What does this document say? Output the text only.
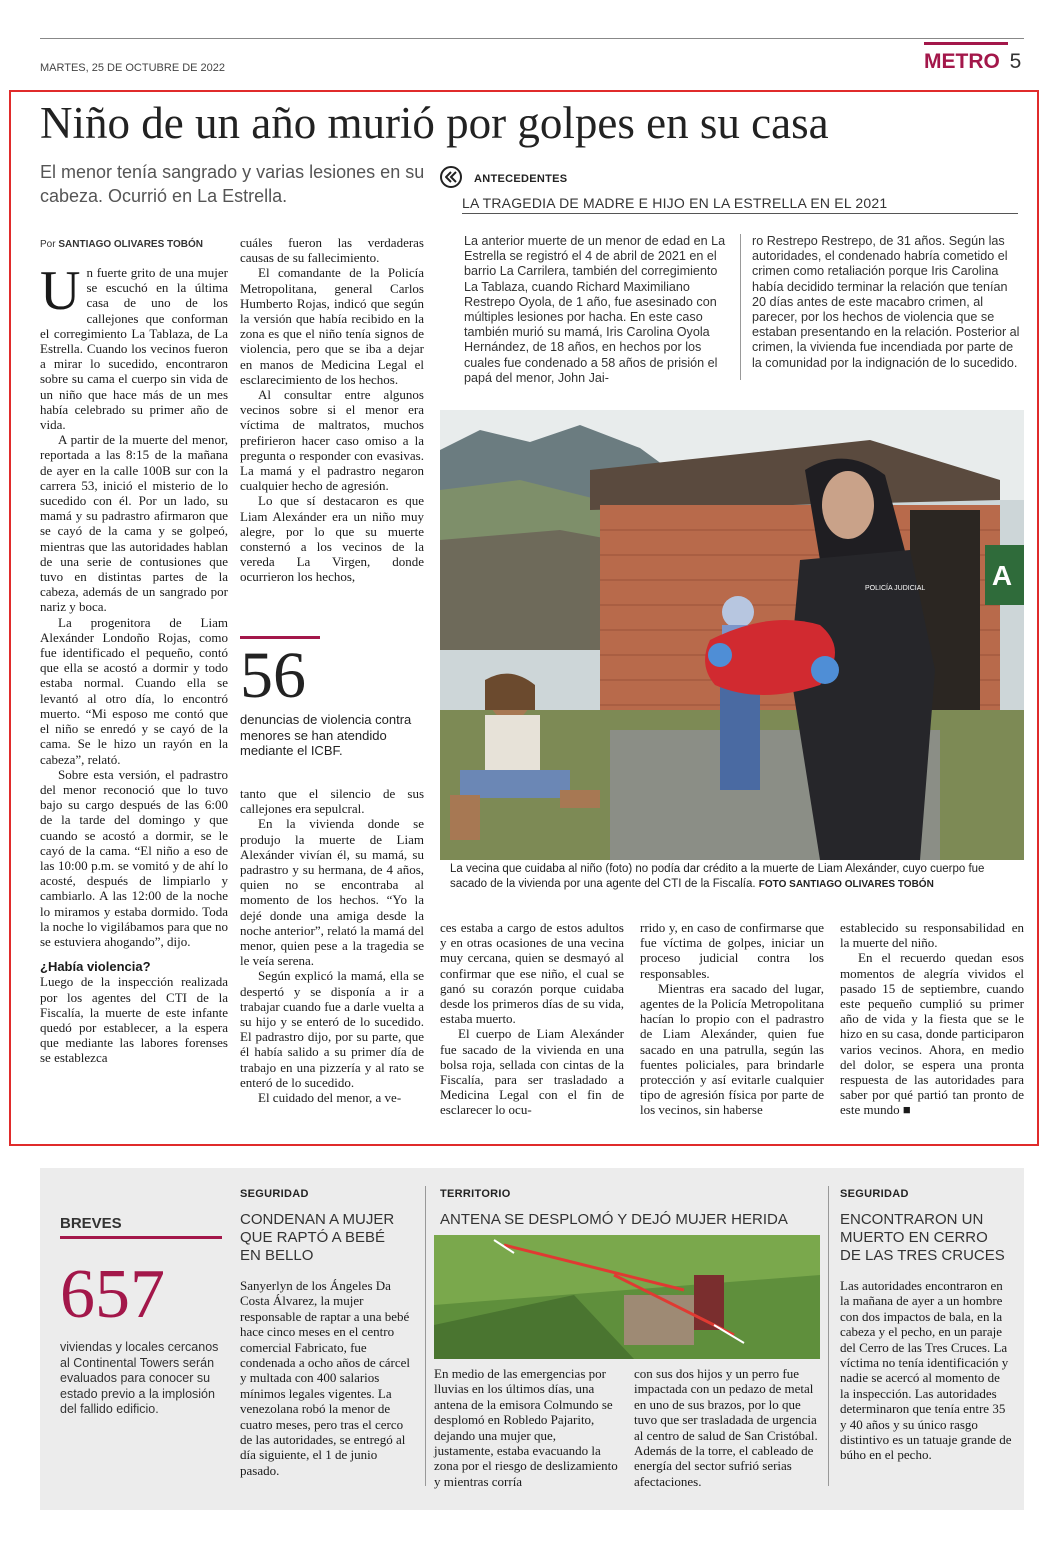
MARTES, 25 DE OCTUBRE DE 2022	METRO 5
Niño de un año murió por golpes en su casa
El menor tenía sangrado y varias lesiones en su cabeza. Ocurrió en La Estrella.
Por SANTIAGO OLIVARES TOBÓN

Un fuerte grito de una mujer se escuchó en la última casa de uno de los callejones que conforman el corregimiento La Tablaza, de La Estrella. Cuando los vecinos fueron a mirar lo sucedido, encontraron sobre su cama el cuerpo sin vida de un niño que hace más de un mes había celebrado su primer año de vida.

A partir de la muerte del menor, reportada a las 8:15 de la mañana de ayer en la calle 100B sur con la carrera 53, inició el misterio de lo sucedido con él. Por un lado, su mamá y su padrastro afirmaron que se cayó de la cama y se golpeó, mientras que las autoridades hablan de una serie de contusiones que tuvo en distintas partes de la cabeza, además de un sangrado por nariz y boca.

La progenitora de Liam Alexánder Londoño Rojas, como fue identificado el pequeño, contó que ella se acostó a dormir y todo estaba normal. Cuando ella se levantó al otro día, lo encontró muerto. “Mi esposo me contó que el niño se enredó y se cayó de la cama. Se le hizo un rayón en la cabeza”, relató.

Sobre esta versión, el padrastro del menor reconoció que lo tuvo bajo su cargo después de las 6:00 de la tarde del domingo y que cuando se acostó a dormir, se le cayó de la cama. “El niño a eso de las 10:00 p.m. se vomitó y de ahí lo acosté, después de limpiarlo y cambiarlo. A las 12:00 de la noche lo miramos y estaba dormido. Toda la noche lo vigilábamos para que no se estuviera ahogando”, dijo.

¿Había violencia?

Luego de la inspección realizada por los agentes del CTI de la Fiscalía, la muerte de este infante quedó por establecer, a la espera que mediante las labores forenses se establezca

cuáles fueron las verdaderas causas de su fallecimiento.

El comandante de la Policía Metropolitana, general Carlos Humberto Rojas, indicó que según la versión que había recibido en la zona es que el niño tenía signos de violencia, pero que se iba a dejar en manos de Medicina Legal el esclarecimiento de los hechos.

Al consultar entre algunos vecinos sobre si el menor era víctima de maltratos, muchos prefirieron hacer caso omiso a la pregunta o responder con evasivas. La mamá y el padrastro negaron cualquier hecho de agresión.

Lo que sí destacaron es que Liam Alexánder era un niño muy alegre, por lo que su muerte consternó a los vecinos de la vereda La Virgen, donde ocurrieron los hechos,

56
denuncias de violencia contra menores se han atendido mediante el ICBF.

tanto que el silencio de sus callejones era sepulcral.

En la vivienda donde se produjo la muerte de Liam Alexánder vivían él, su mamá, su padrastro y su hermana, de 4 años, quien no se encontraba al momento de los hechos. “Yo la dejé donde una amiga desde la noche anterior”, relató la mamá del menor, quien pese a la tragedia se le veía serena.

Según explicó la mamá, ella se despertó y se disponía a ir a trabajar cuando fue a darle vuelta a su hijo y se enteró de lo sucedido. El padrastro dijo, por su parte, que él había salido a su primer día de trabajo en una pizzería y al rato se enteró de lo sucedido.

El cuidado del menor, a ve-

ANTECEDENTES
LA TRAGEDIA DE MADRE E HIJO EN LA ESTRELLA EN EL 2021
La anterior muerte de un menor de edad en La Estrella se registró el 4 de abril de 2021 en el barrio La Carrilera, también del corregimiento La Tablaza, cuando Richard Maximiliano Restrepo Oyola, de 1 año, fue asesinado con múltiples lesiones por hacha. En este caso también murió su mamá, Iris Carolina Oyola Hernández, de 18 años, en hechos por los cuales fue condenado a 58 años de prisión el papá del menor, John Jai-
ro Restrepo Restrepo, de 31 años. Según las autoridades, el condenado habría cometido el crimen como retaliación porque Iris Carolina había decidido terminar la relación que tenían 20 días antes de este macabro crimen, al parecer, por los hechos de violencia que se estaban presentando en la relación. Posterior al crimen, la vivienda fue incendiada por parte de la comunidad por la indignación de lo sucedido.
A
POLICÍA JUDICIAL
La vecina que cuidaba al niño (foto) no podía dar crédito a la muerte de Liam Alexánder, cuyo cuerpo fue sacado de la vivienda por una agente del CTI de la Fiscalía. FOTO SANTIAGO OLIVARES TOBÓN

ces estaba a cargo de estos adultos y en otras ocasiones de una vecina muy cercana, quien se desmayó al confirmar que ese niño, el cual se ganó su corazón porque cuidaba desde los primeros días de su vida, estaba muerto.

El cuerpo de Liam Alexánder fue sacado de la vivienda en una bolsa roja, sellada con cintas de la Fiscalía, para ser trasladado a Medicina Legal con el fin de esclarecer lo ocu-

rrido y, en caso de confirmarse que fue víctima de golpes, iniciar un proceso judicial contra los responsables.

Mientras era sacado del lugar, agentes de la Policía Metropolitana hacían lo propio con el padrastro de Liam Alexánder, quien fue sacado en una patrulla, según las fuentes policiales, para brindarle protección y así evitarle cualquier tipo de agresión física por parte de los vecinos, sin haberse

establecido su responsabilidad en la muerte del niño.

En el recuerdo quedan esos momentos de alegría vividos el pasado 15 de septiembre, cuando este pequeño cumplió su primer año de vida y la fiesta que se le hizo en su casa, donde participaron varios vecinos. Ahora, en medio del dolor, se espera una pronta respuesta de las autoridades para saber por qué partió tan pronto de este mundo ■

BREVES
657
viviendas y locales cercanos al Continental Towers serán evaluados para conocer su estado previo a la implosión del fallido edificio.
SEGURIDAD
CONDENAN A MUJER QUE RAPTÓ A BEBÉ EN BELLO
Sanyerlyn de los Ángeles Da Costa Álvarez, la mujer responsable de raptar a una bebé hace cinco meses en el centro comercial Fabricato, fue condenada a ocho años de cárcel y multada con 400 salarios mínimos legales vigentes. La venezolana robó la menor de cuatro meses, pero tras el cerco de las autoridades, se entregó al día siguiente, el 1 de junio pasado.
TERRITORIO
ANTENA SE DESPLOMÓ Y DEJÓ MUJER HERIDA
En medio de las emergencias por lluvias en los últimos días, una antena de la emisora Colmundo se desplomó en Robledo Pajarito, dejando una mujer que, justamente, estaba evacuando la zona por el riesgo de deslizamiento y mientras corría
con sus dos hijos y un perro fue impactada con un pedazo de metal en uno de sus brazos, por lo que tuvo que ser trasladada de urgencia al centro de salud de San Cristóbal. Además de la torre, el cableado de energía del sector sufrió serias afectaciones.
SEGURIDAD
ENCONTRARON UN MUERTO EN CERRO DE LAS TRES CRUCES
Las autoridades encontraron en la mañana de ayer a un hombre con dos impactos de bala, en la cabeza y el pecho, en un paraje del Cerro de las Tres Cruces. La víctima no tenía identificación y nadie se acercó al momento de la inspección. Las autoridades determinaron que tenía entre 35 y 40 años y su único rasgo distintivo es un tatuaje grande de búho en el pecho.
